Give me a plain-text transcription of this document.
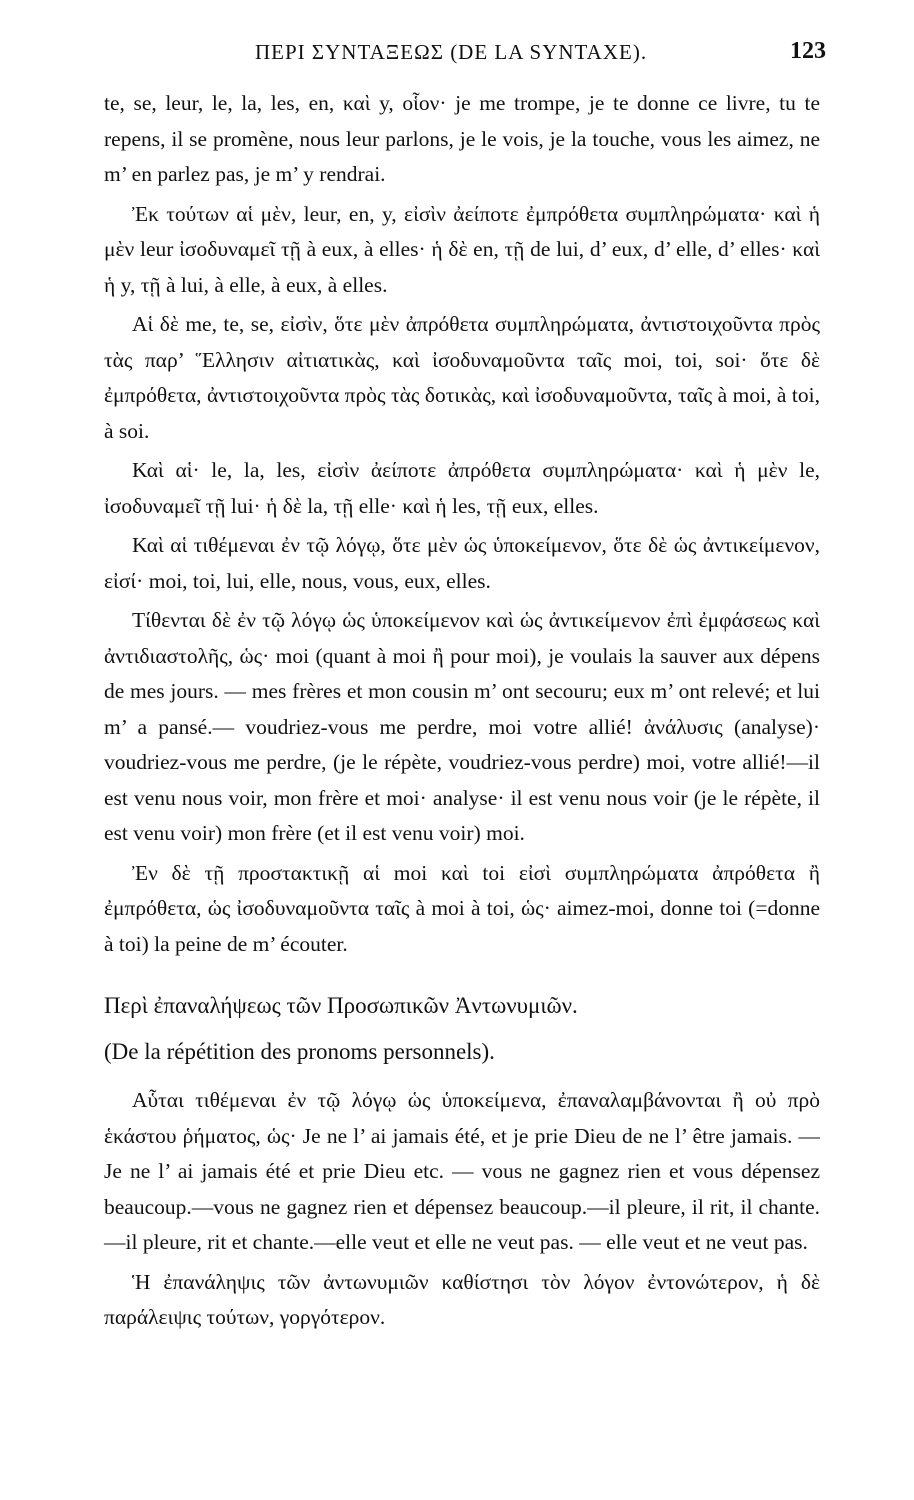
ΠΕΡΙ ΣΥΝΤΑΞΕΩΣ (DE LA SYNTAXE).	123

te, se, leur, le, la, les, en, καὶ y, οἷον· je me trompe, je te donne ce livre, tu te repens, il se promène, nous leur parlons, je le vois, je la touche, vous les aimez, ne m’ en parlez pas, je m’ y rendrai.

Ἐκ τούτων αἱ μὲν, leur, en, y, εἰσὶν ἀείποτε ἐμπρόθετα συμπληρώματα· καὶ ἡ μὲν leur ἰσοδυναμεῖ τῇ à eux, à elles· ἡ δὲ en, τῇ de lui, d’ eux, d’ elle, d’ elles· καὶ ἡ y, τῇ à lui, à elle, à eux, à elles.

Αἱ δὲ me, te, se, εἰσὶν, ὅτε μὲν ἀπρόθετα συμπληρώματα, ἀντιστοιχοῦντα πρὸς τὰς παρ’ Ἕλλησιν αἰτιατικὰς, καὶ ἰσοδυναμοῦντα ταῖς moi, toi, soi· ὅτε δὲ ἐμπρόθετα, ἀντιστοιχοῦντα πρὸς τὰς δοτικὰς, καὶ ἰσοδυναμοῦντα, ταῖς à moi, à toi, à soi.

Καὶ αἱ· le, la, les, εἰσὶν ἀείποτε ἀπρόθετα συμπληρώματα· καὶ ἡ μὲν le, ἰσοδυναμεῖ τῇ lui· ἡ δὲ la, τῇ elle· καὶ ἡ les, τῇ eux, elles.

Καὶ αἱ τιθέμεναι ἐν τῷ λόγῳ, ὅτε μὲν ὡς ὑποκείμενον, ὅτε δὲ ὡς ἀντικείμενον, εἰσί· moi, toi, lui, elle, nous, vous, eux, elles.

Τίθενται δὲ ἐν τῷ λόγῳ ὡς ὑποκείμενον καὶ ὡς ἀντικείμενον ἐπὶ ἐμφάσεως καὶ ἀντιδιαστολῆς, ὡς· moi (quant à moi ἢ pour moi), je voulais la sauver aux dépens de mes jours. — mes frères et mon cousin m’ ont secouru; eux m’ ont relevé; et lui m’ a pansé.— voudriez-vous me perdre, moi votre allié! ἀνάλυσις (analyse)· voudriez-vous me perdre, (je le répète, voudriez-vous perdre) moi, votre allié!—il est venu nous voir, mon frère et moi· analyse· il est venu nous voir (je le répète, il est venu voir) mon frère (et il est venu voir) moi.

Ἐν δὲ τῇ προστακτικῇ αἱ moi καὶ toi εἰσὶ συμπληρώματα ἀπρόθετα ἢ ἐμπρόθετα, ὡς ἰσοδυναμοῦντα ταῖς à moi à toi, ὡς· aimez-moi, donne toi (=donne à toi) la peine de m’ écouter.

Περὶ ἐπαναλήψεως τῶν Προσωπικῶν Ἀντωνυμιῶν.
(De la répétition des pronoms personnels).

Αὗται τιθέμεναι ἐν τῷ λόγῳ ὡς ὑποκείμενα, ἐπαναλαμβάνονται ἢ οὐ πρὸ ἑκάστου ῥήματος, ὡς· Je ne l’ ai jamais été, et je prie Dieu de ne l’ être jamais. — Je ne l’ ai jamais été et prie Dieu etc. — vous ne gagnez rien et vous dépensez beaucoup.—vous ne gagnez rien et dépensez beaucoup.—il pleure, il rit, il chante.—il pleure, rit et chante.—elle veut et elle ne veut pas. — elle veut et ne veut pas.

Ἡ ἐπανάληψις τῶν ἀντωνυμιῶν καθίστησι τὸν λόγον ἐντονώτερον, ἡ δὲ παράλειψις τούτων, γοργότερον.
